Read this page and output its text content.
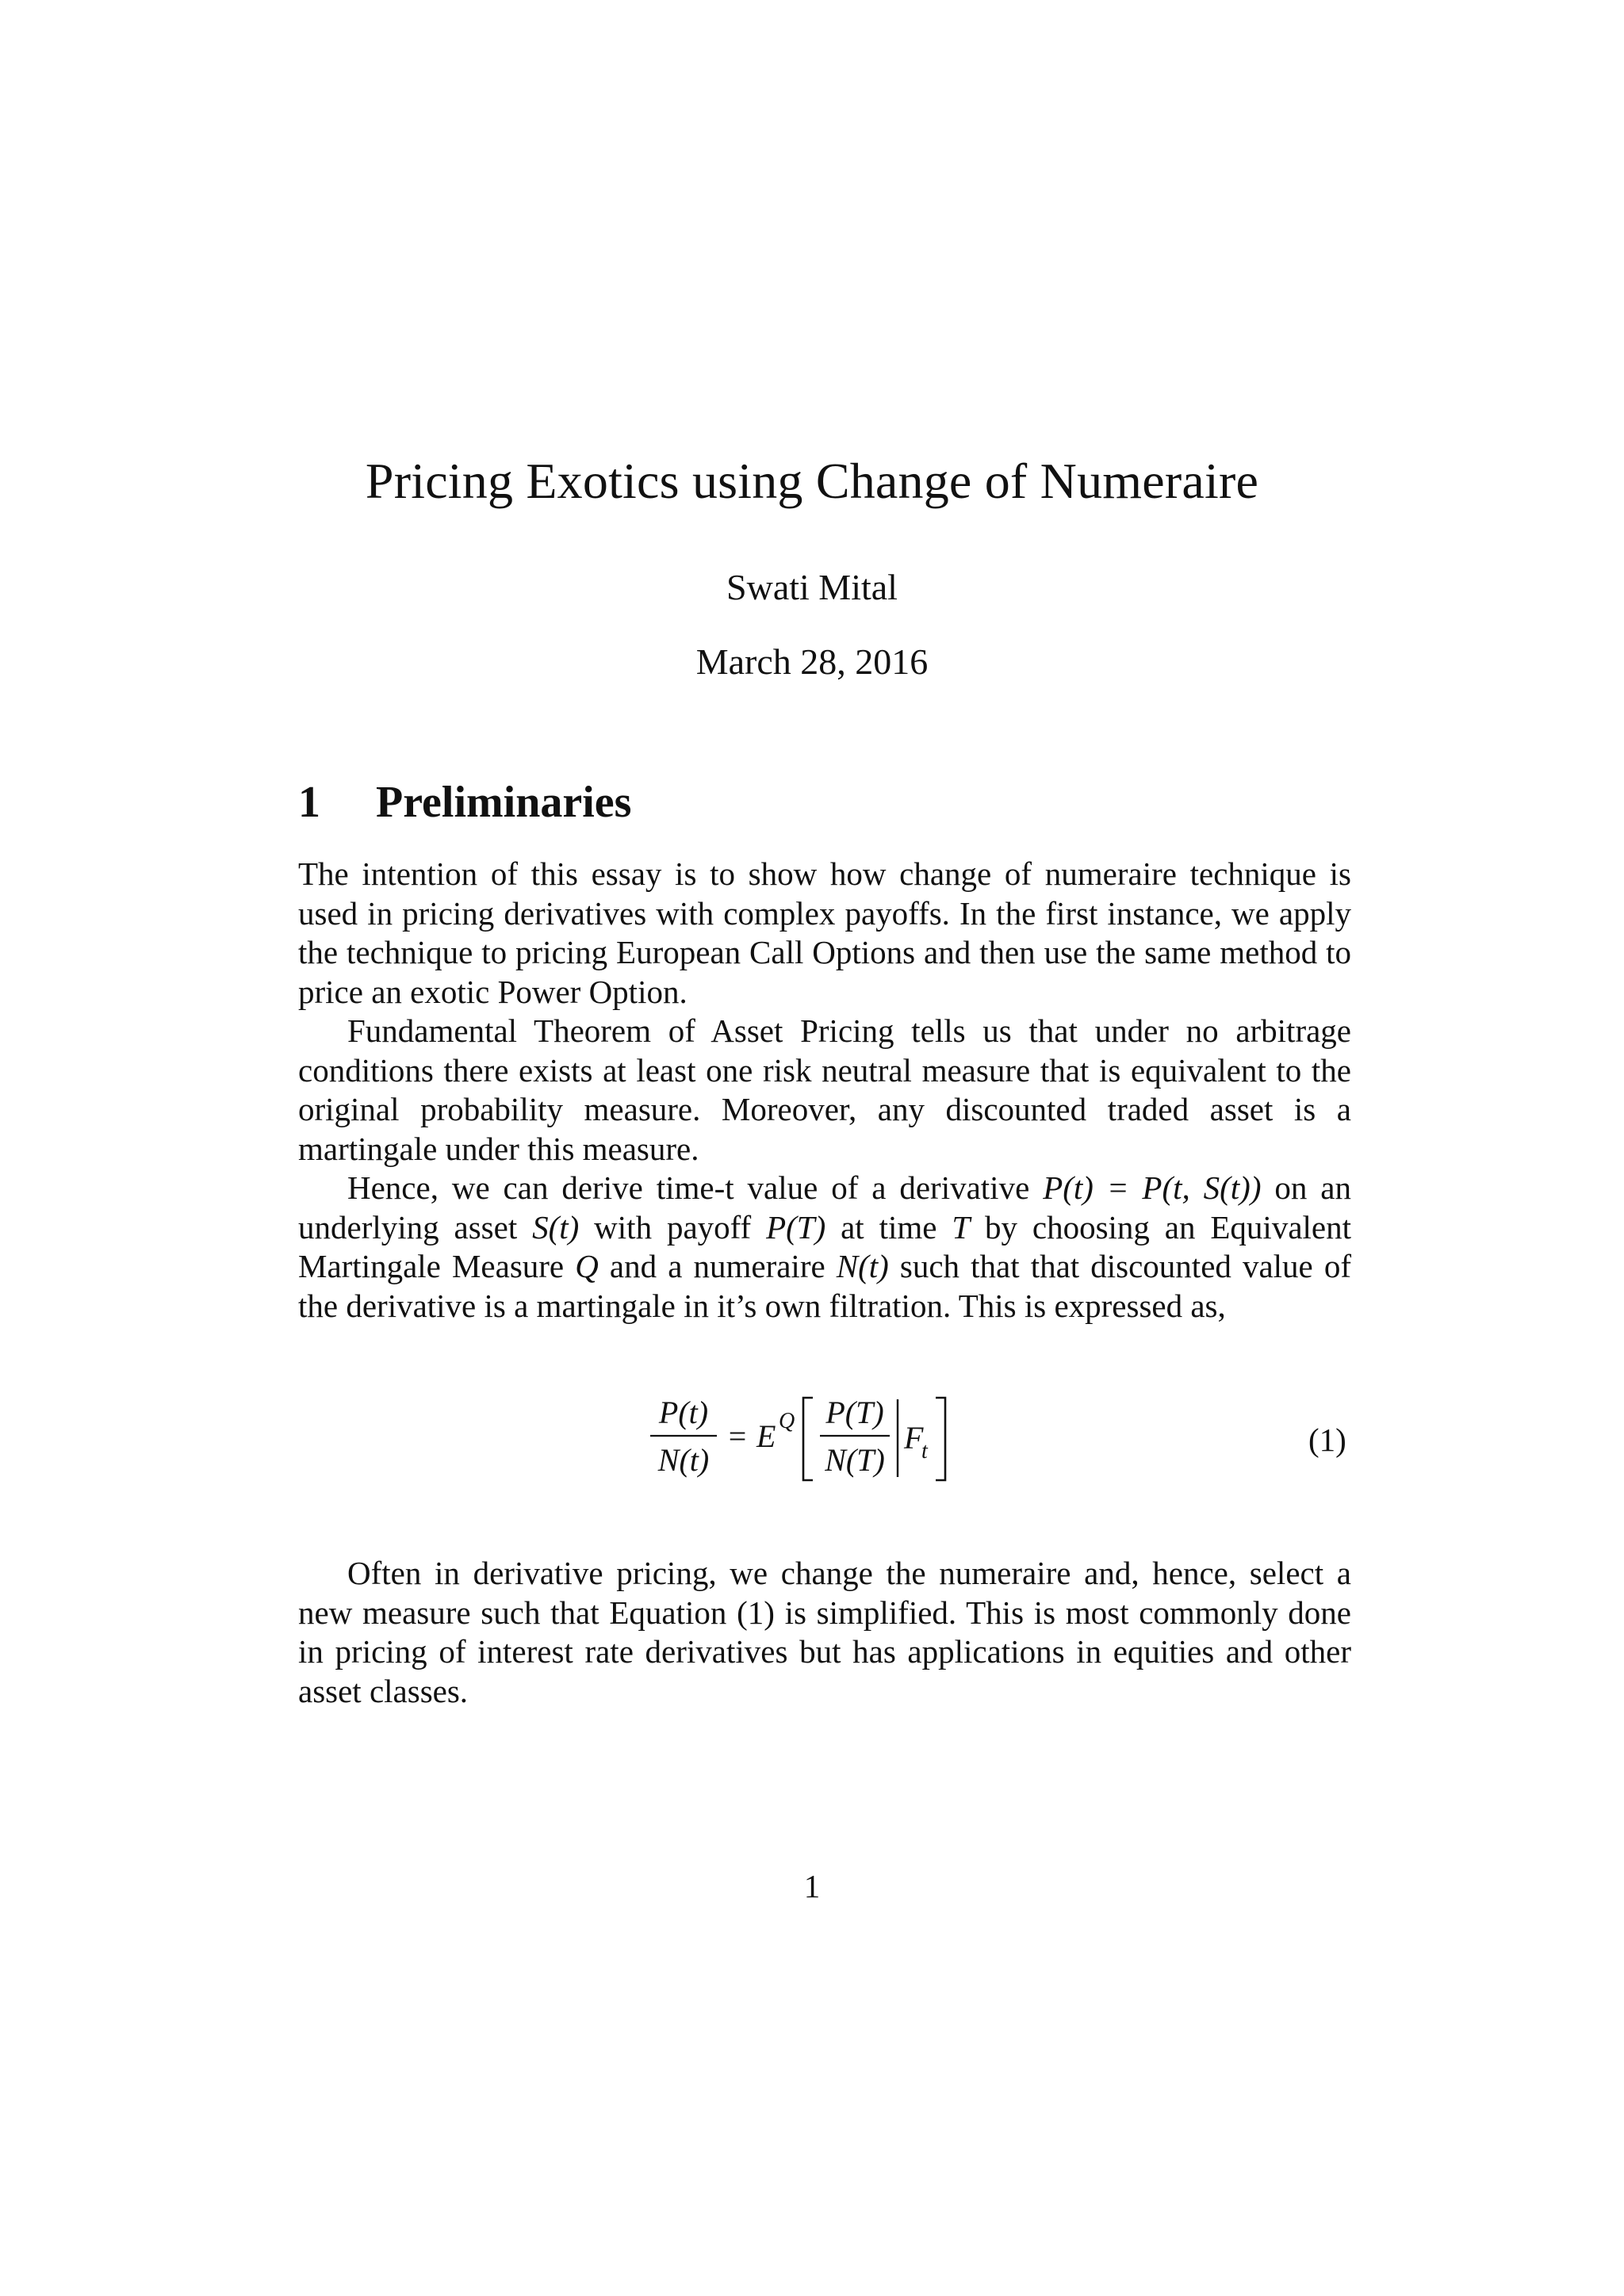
Pricing Exotics using Change of Numeraire
Swati Mital
March 28, 2016
1 Preliminaries

The intention of this essay is to show how change of numeraire technique is used in pricing derivatives with complex payoffs. In the first instance, we apply the technique to pricing European Call Options and then use the same method to price an exotic Power Option.

Fundamental Theorem of Asset Pricing tells us that under no arbitrage conditions there exists at least one risk neutral measure that is equivalent to the original probability measure. Moreover, any discounted traded asset is a martingale under this measure.

Hence, we can derive time-t value of a derivative P(t) = P(t, S(t)) on an underlying asset S(t) with payoff P(T) at time T by choosing an Equivalent Martingale Measure Q and a numeraire N(t) such that that discounted value of the derivative is a martingale in it’s own filtration. This is expressed as,

P(t)
N(t)
= E Q P(T)
N(T)
F
t	(1)

Often in derivative pricing, we change the numeraire and, hence, select a new measure such that Equation (1) is simplified. This is most commonly done in pricing of interest rate derivatives but has applications in equities and other asset classes.

1
